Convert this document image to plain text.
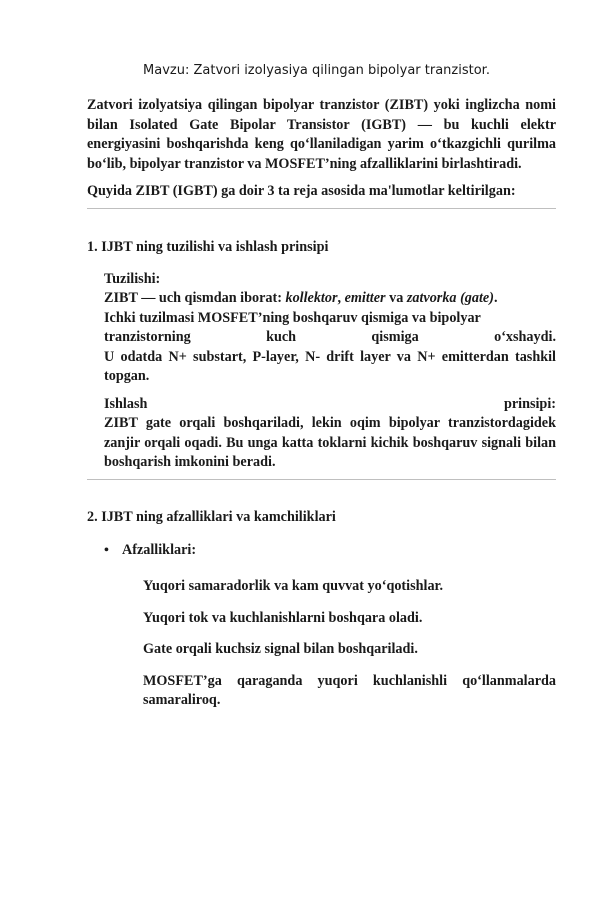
Mavzu: Zatvori izolyasiya qilingan bipolyar tranzistor.

Zatvori izolyatsiya qilingan bipolyar tranzistor (ZIBT) yoki inglizcha nomi bilan Isolated Gate Bipolar Transistor (IGBT) — bu kuchli elektr energiyasini boshqarishda keng qo‘llaniladigan yarim o‘tkazgichli qurilma bo‘lib, bipolyar tranzistor va MOSFET’ning afzalliklarini birlashtiradi.

Quyida ZIBT (IGBT) ga doir 3 ta reja asosida ma'lumotlar keltirilgan:

1. IJBT ning tuzilishi va ishlash prinsipi
Tuzilishi:
ZIBT — uch qismdan iborat: kollektor, emitter va zatvorka (gate).
Ichki tuzilmasi MOSFET’ning boshqaruv qismiga va bipolyar
tranzistorning	kuch	qismiga	o‘xshaydi.
U odatda N+ substart, P-layer, N- drift layer va N+ emitterdan tashkil topgan.
Ishlash	prinsipi:
ZIBT gate orqali boshqariladi, lekin oqim bipolyar tranzistordagidek zanjir orqali oqadi. Bu unga katta toklarni kichik boshqaruv signali bilan boshqarish imkonini beradi.
2. IJBT ning afzalliklari va kamchiliklari
• Afzalliklari:

Yuqori samaradorlik va kam quvvat yo‘qotishlar.

Yuqori tok va kuchlanishlarni boshqara oladi.

Gate orqali kuchsiz signal bilan boshqariladi.

MOSFET’ga qaraganda yuqori kuchlanishli qo‘llanmalarda samaraliroq.
